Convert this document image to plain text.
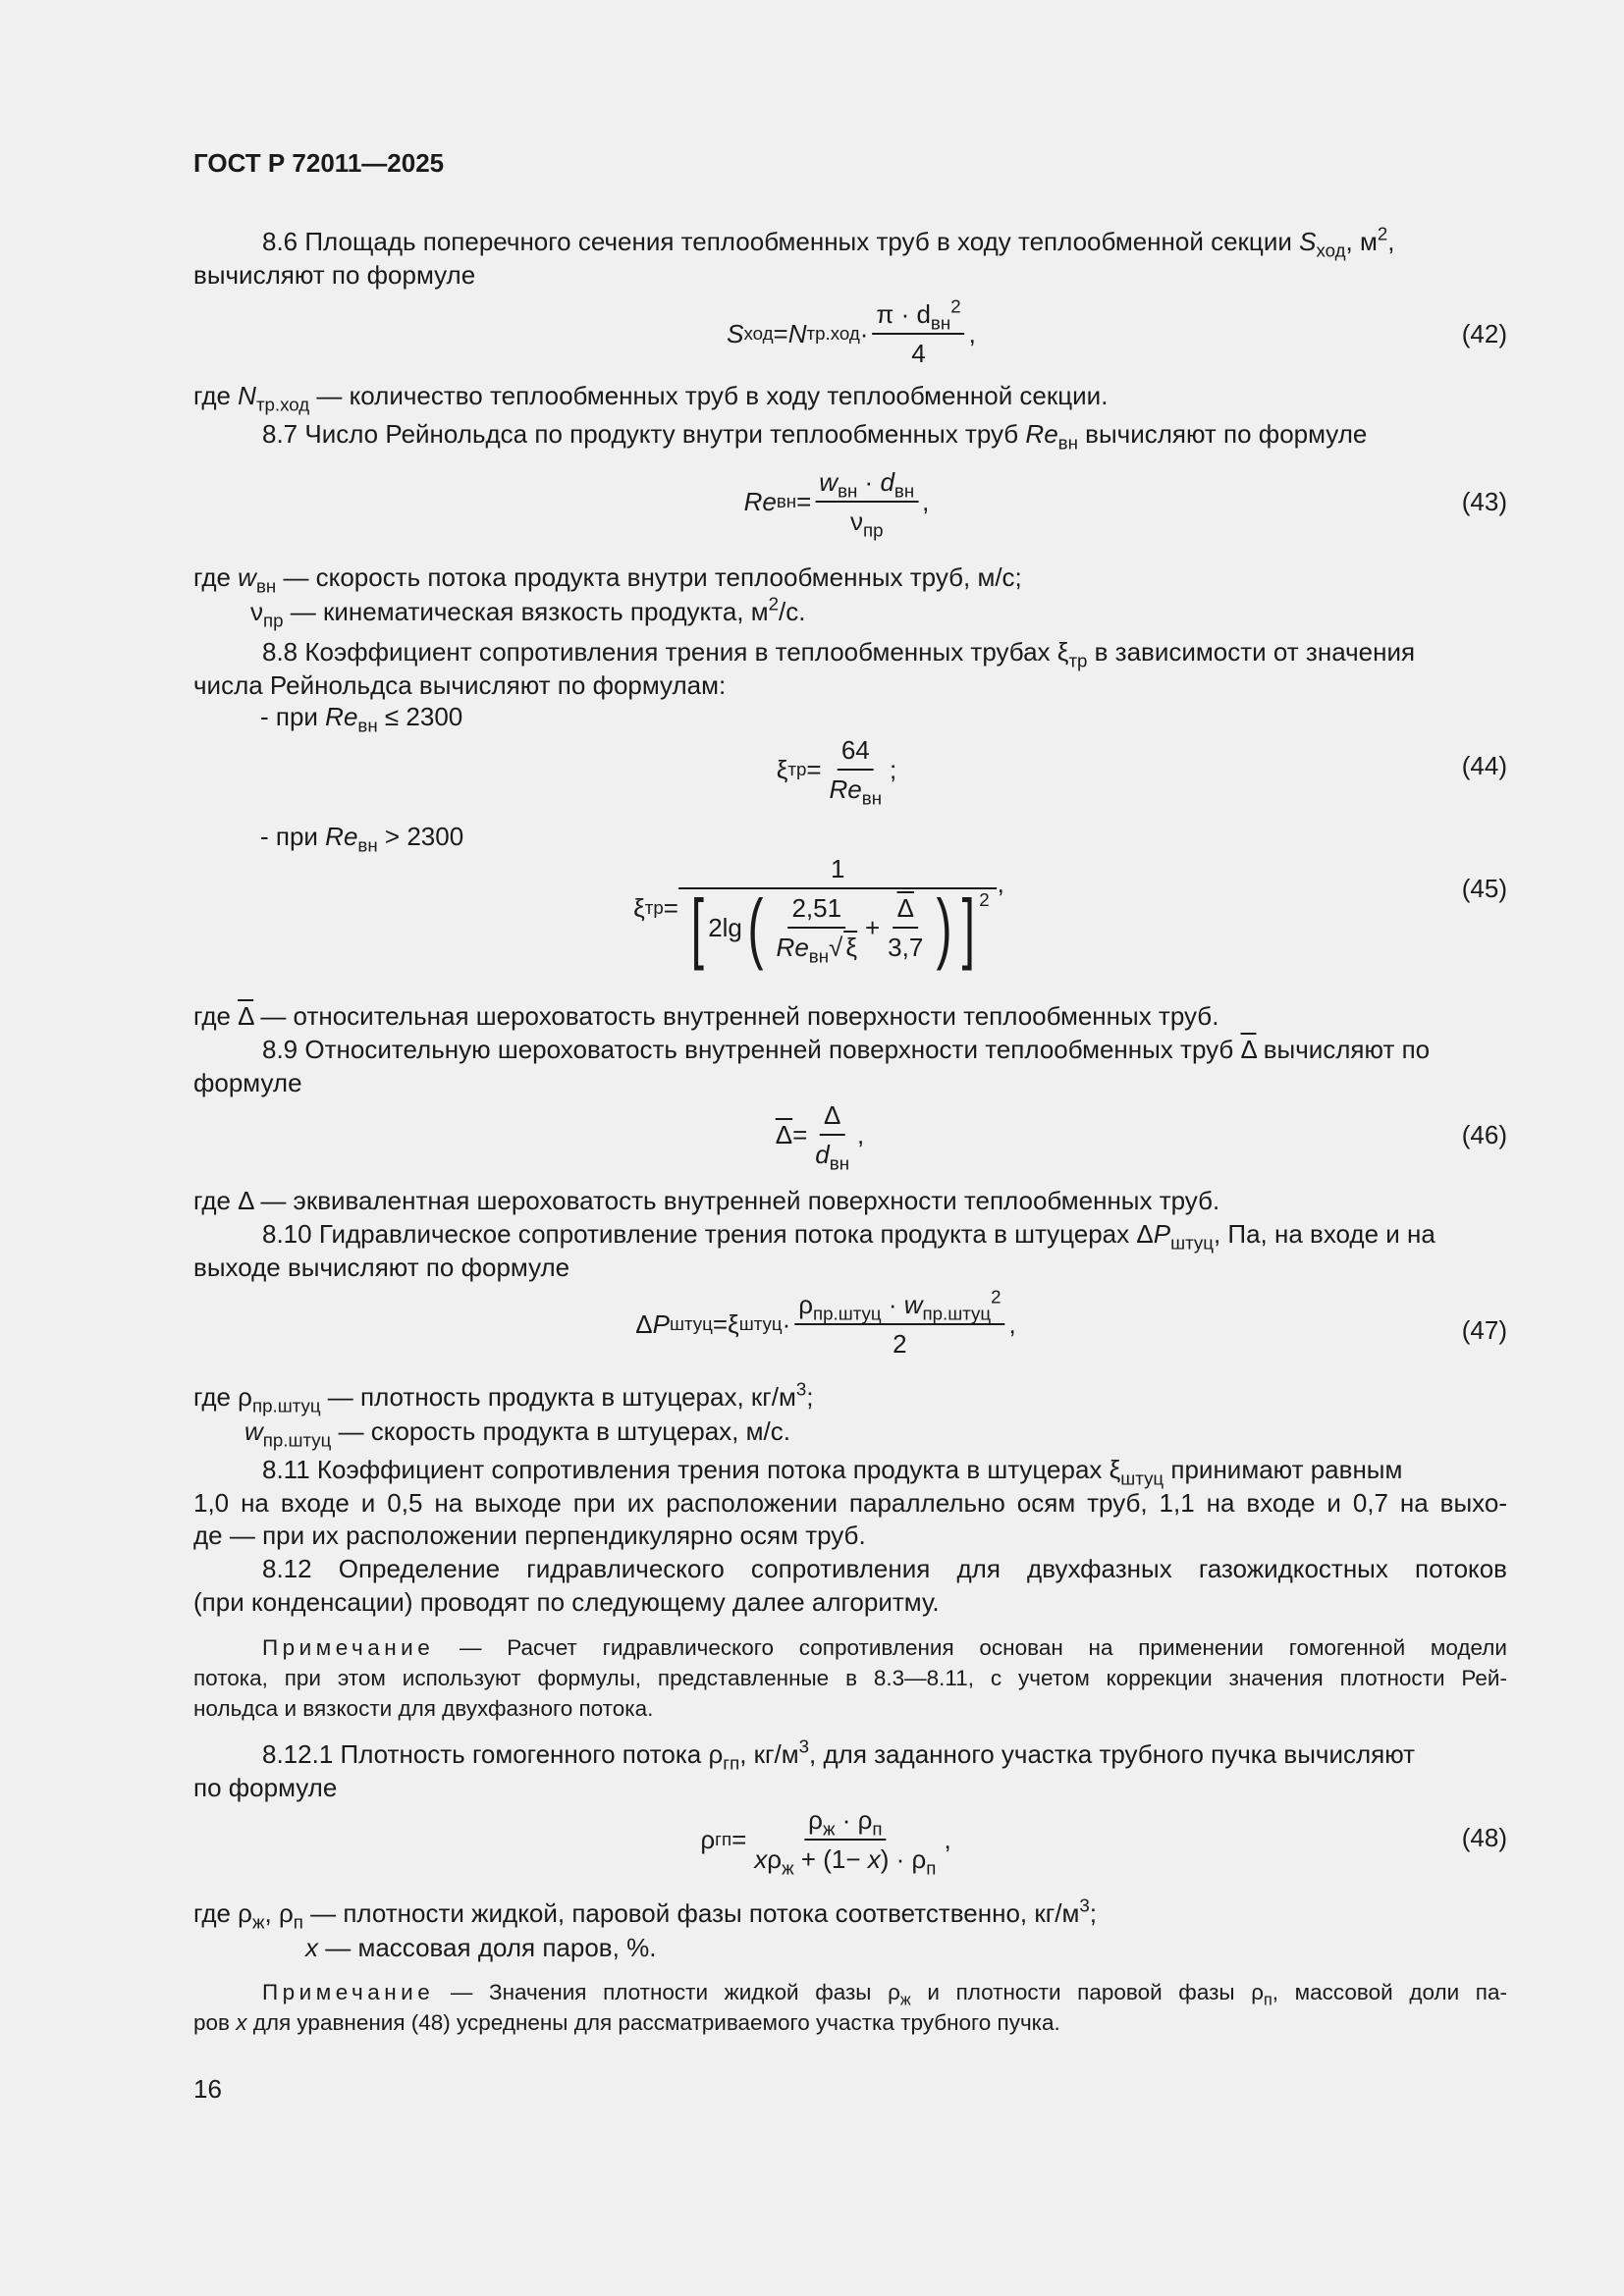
ГОСТ Р 72011—2025
8.6 Площадь поперечного сечения теплообменных труб в ходу теплообменной секции $S_{ход}$, $м^2$,
вычисляют по формуле
S ход = N $тр.ход \cdot \frac{\pi \cdot d_{вн}^2}{4}$ ,	(42)
где $N_{тр.ход}$ — количество теплообменных труб в ходу теплообменной секции.
8.7 Число Рейнольдса по продукту внутри теплообменных труб $Re_{вн}$ вычисляют по формуле
Re вн = $\frac{w_{вн} \cdot d_{вн}}{\nu_{пр}}$ ,	(43)
где $w_{вн}$ — скорость потока продукта внутри теплообменных труб, м/с;
$\nu_{пр}$ — кинематическая вязкость продукта, $м^2/с$.
8.8 Коэффициент сопротивления трения в теплообменных трубах $\xi_{тр}$ в зависимости от значения
числа Рейнольдса вычисляют по формулам:
- при $Re_{вн} \le 2300$
ξ тр = $\frac{64}{Re_{вн}}$ ;	(44)
- при $Re_{вн} > 2300$
ξ тр =
1
[ 2lg ( $\frac{2,51}{Re_{вн}√ \xi} + \frac{\overline{\Delta}}{3,7}$ ) ] 2
,	(45)
где $\overline{\Delta}$ — относительная шероховатость внутренней поверхности теплообменных труб.
8.9 Относительную шероховатость внутренней поверхности теплообменных труб $\overline{\Delta}$ вычисляют по
формуле
$\overline{\Delta} = \frac{\Delta}{d_{вн}}$ ,	(46)
где Δ — эквивалентная шероховатость внутренней поверхности теплообменных труб.
8.10 Гидравлическое сопротивление трения потока продукта в штуцерах $\Delta P_{штуц}$, Па, на входе и на
выходе вычисляют по формуле
Δ P штуц = ξ штуц · $\frac{\rho_{пр.штуц} \cdot w_{пр.штуц}^2}{2}$ ,	(47)
где $\rho_{пр.штуц}$ — плотность продукта в штуцерах, $кг/м^3$;
$w_{пр.штуц}$ — скорость продукта в штуцерах, м/с.
8.11 Коэффициент сопротивления трения потока продукта в штуцерах $\xi_{штуц}$ принимают равным
1,0 на входе и 0,5 на выходе при их расположении параллельно осям труб, 1,1 на входе и 0,7 на выхо-
де — при их расположении перпендикулярно осям труб.
8.12 Определение гидравлического сопротивления для двухфазных газожидкостных потоков
(при конденсации) проводят по следующему далее алгоритму.
Примечание — Расчет гидравлического сопротивления основан на применении гомогенной модели
потока, при этом используют формулы, представленные в 8.3—8.11, с учетом коррекции значения плотности Рей-
нольдса и вязкости для двухфазного потока.
8.12.1 Плотность гомогенного потока $\rho_{гп}$, $кг/м^3$, для заданного участка трубного пучка вычисляют
по формуле
ρ гп = $\frac{\rho_ж \cdot \rho_п}{x\rho_ж + (1- x) \cdot \rho_п}$ ,	(48)
где $\rho_ж$, $\rho_п$ — плотности жидкой, паровой фазы потока соответственно, $кг/м^3$;
x — массовая доля паров, %.
Примечание — Значения плотности жидкой фазы $\rho_ж$ и плотности паровой фазы $\rho_п$, массовой доли па-
ров x для уравнения (48) усреднены для рассматриваемого участка трубного пучка.
16
